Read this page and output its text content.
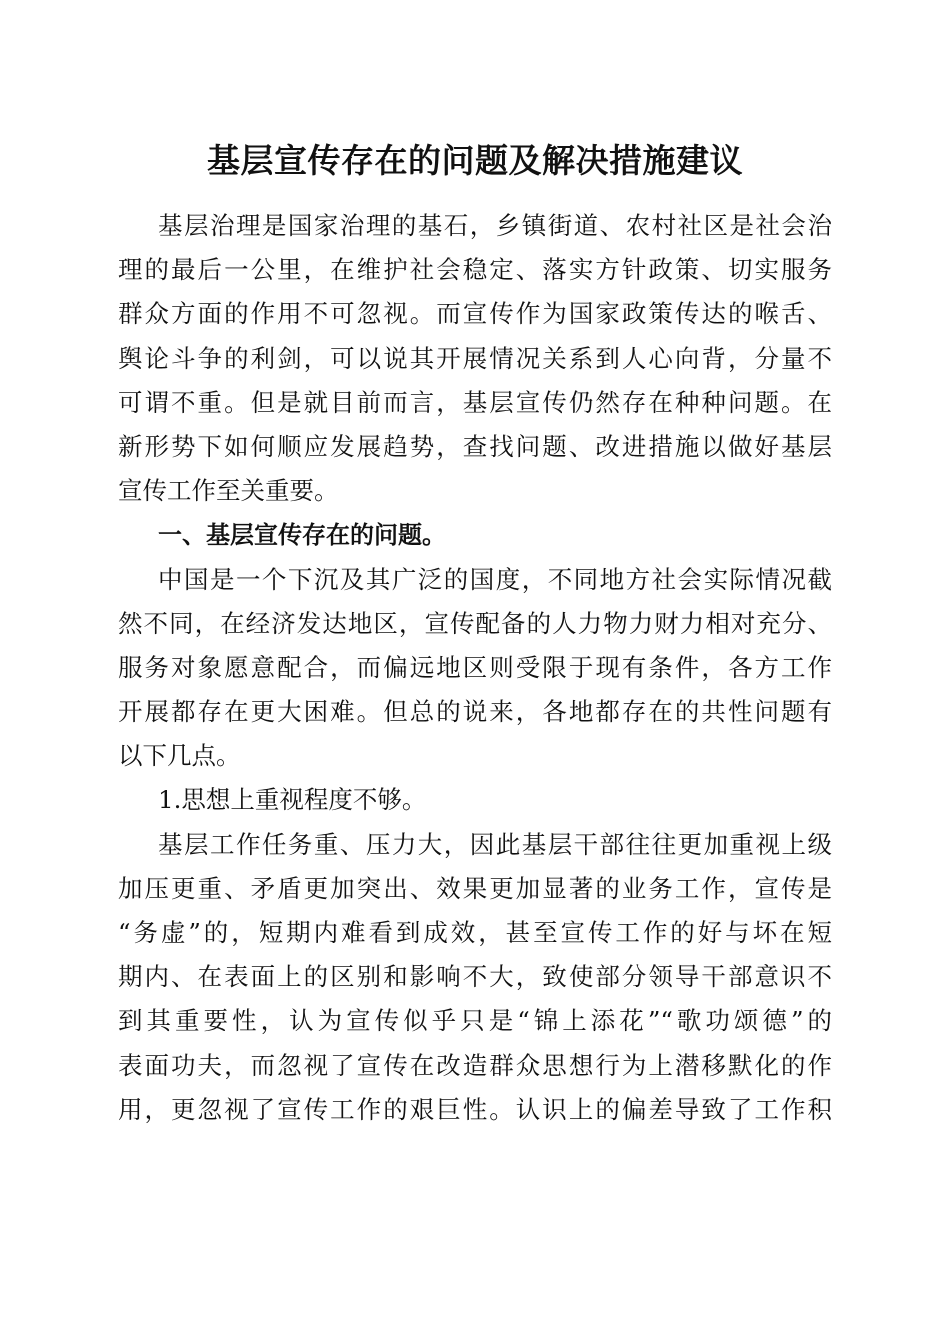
基层宣传存在的问题及解决措施建议
基层治理是国家治理的基石，乡镇街道、农村社区是社会治
理的最后一公里，在维护社会稳定、落实方针政策、切实服务
群众方面的作用不可忽视。而宣传作为国家政策传达的喉舌、
舆论斗争的利剑，可以说其开展情况关系到人心向背，分量不
可谓不重。但是就目前而言，基层宣传仍然存在种种问题。在
新形势下如何顺应发展趋势，查找问题、改进措施以做好基层
宣传工作至关重要。
一、基层宣传存在的问题。
中国是一个下沉及其广泛的国度，不同地方社会实际情况截
然不同，在经济发达地区，宣传配备的人力物力财力相对充分、
服务对象愿意配合，而偏远地区则受限于现有条件，各方工作
开展都存在更大困难。但总的说来，各地都存在的共性问题有
以下几点。
1.思想上重视程度不够。
基层工作任务重、压力大，因此基层干部往往更加重视上级
加压更重、矛盾更加突出、效果更加显著的业务工作，宣传是
“务虚”的，短期内难看到成效，甚至宣传工作的好与坏在短
期内、在表面上的区别和影响不大，致使部分领导干部意识不
到其重要性，认为宣传似乎只是“锦上添花”“歌功颂德”的
表面功夫，而忽视了宣传在改造群众思想行为上潜移默化的作
用，更忽视了宣传工作的艰巨性。认识上的偏差导致了工作积
